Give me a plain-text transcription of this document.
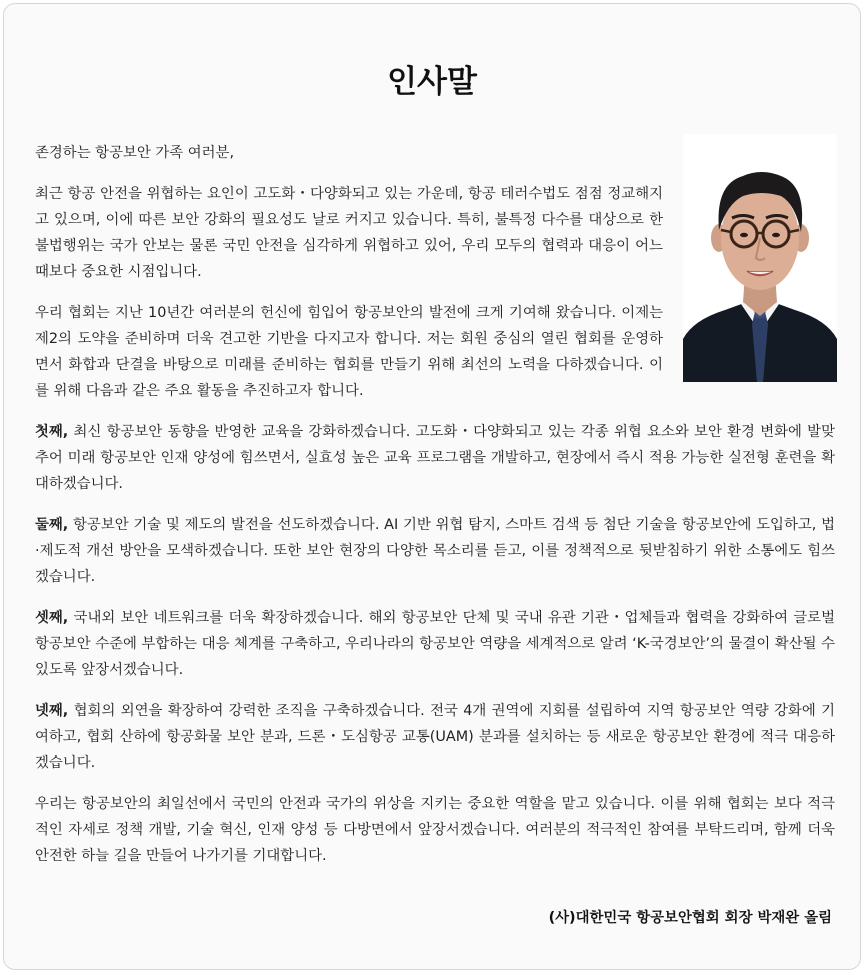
인사말

존경하는 항공보안 가족 여러분,

최근 항공 안전을 위협하는 요인이 고도화・다양화되고 있는 가운데, 항공 테러수법도 점점 정교해지고 있으며, 이에 따른 보안 강화의 필요성도 날로 커지고 있습니다. 특히, 불특정 다수를 대상으로 한 불법행위는 국가 안보는 물론 국민 안전을 심각하게 위협하고 있어, 우리 모두의 협력과 대응이 어느 때보다 중요한 시점입니다.

우리 협회는 지난 10년간 여러분의 헌신에 힘입어 항공보안의 발전에 크게 기여해 왔습니다. 이제는 제2의 도약을 준비하며 더욱 견고한 기반을 다지고자 합니다. 저는 회원 중심의 열린 협회를 운영하면서 화합과 단결을 바탕으로 미래를 준비하는 협회를 만들기 위해 최선의 노력을 다하겠습니다. 이를 위해 다음과 같은 주요 활동을 추진하고자 합니다.

첫째, 최신 항공보안 동향을 반영한 교육을 강화하겠습니다. 고도화・다양화되고 있는 각종 위협 요소와 보안 환경 변화에 발맞추어 미래 항공보안 인재 양성에 힘쓰면서, 실효성 높은 교육 프로그램을 개발하고, 현장에서 즉시 적용 가능한 실전형 훈련을 확대하겠습니다.

둘째, 항공보안 기술 및 제도의 발전을 선도하겠습니다. AI 기반 위협 탐지, 스마트 검색 등 첨단 기술을 항공보안에 도입하고, 법·제도적 개선 방안을 모색하겠습니다. 또한 보안 현장의 다양한 목소리를 듣고, 이를 정책적으로 뒷받침하기 위한 소통에도 힘쓰겠습니다.

셋째, 국내외 보안 네트워크를 더욱 확장하겠습니다. 해외 항공보안 단체 및 국내 유관 기관・업체들과 협력을 강화하여 글로벌 항공보안 수준에 부합하는 대응 체계를 구축하고, 우리나라의 항공보안 역량을 세계적으로 알려 ‘K-국경보안’의 물결이 확산될 수 있도록 앞장서겠습니다.

넷째, 협회의 외연을 확장하여 강력한 조직을 구축하겠습니다. 전국 4개 권역에 지회를 설립하여 지역 항공보안 역량 강화에 기여하고, 협회 산하에 항공화물 보안 분과, 드론・도심항공 교통(UAM) 분과를 설치하는 등 새로운 항공보안 환경에 적극 대응하겠습니다.

우리는 항공보안의 최일선에서 국민의 안전과 국가의 위상을 지키는 중요한 역할을 맡고 있습니다. 이를 위해 협회는 보다 적극적인 자세로 정책 개발, 기술 혁신, 인재 양성 등 다방면에서 앞장서겠습니다. 여러분의 적극적인 참여를 부탁드리며, 함께 더욱 안전한 하늘 길을 만들어 나가기를 기대합니다.

(사)대한민국 항공보안협회 회장 박재완 올림
